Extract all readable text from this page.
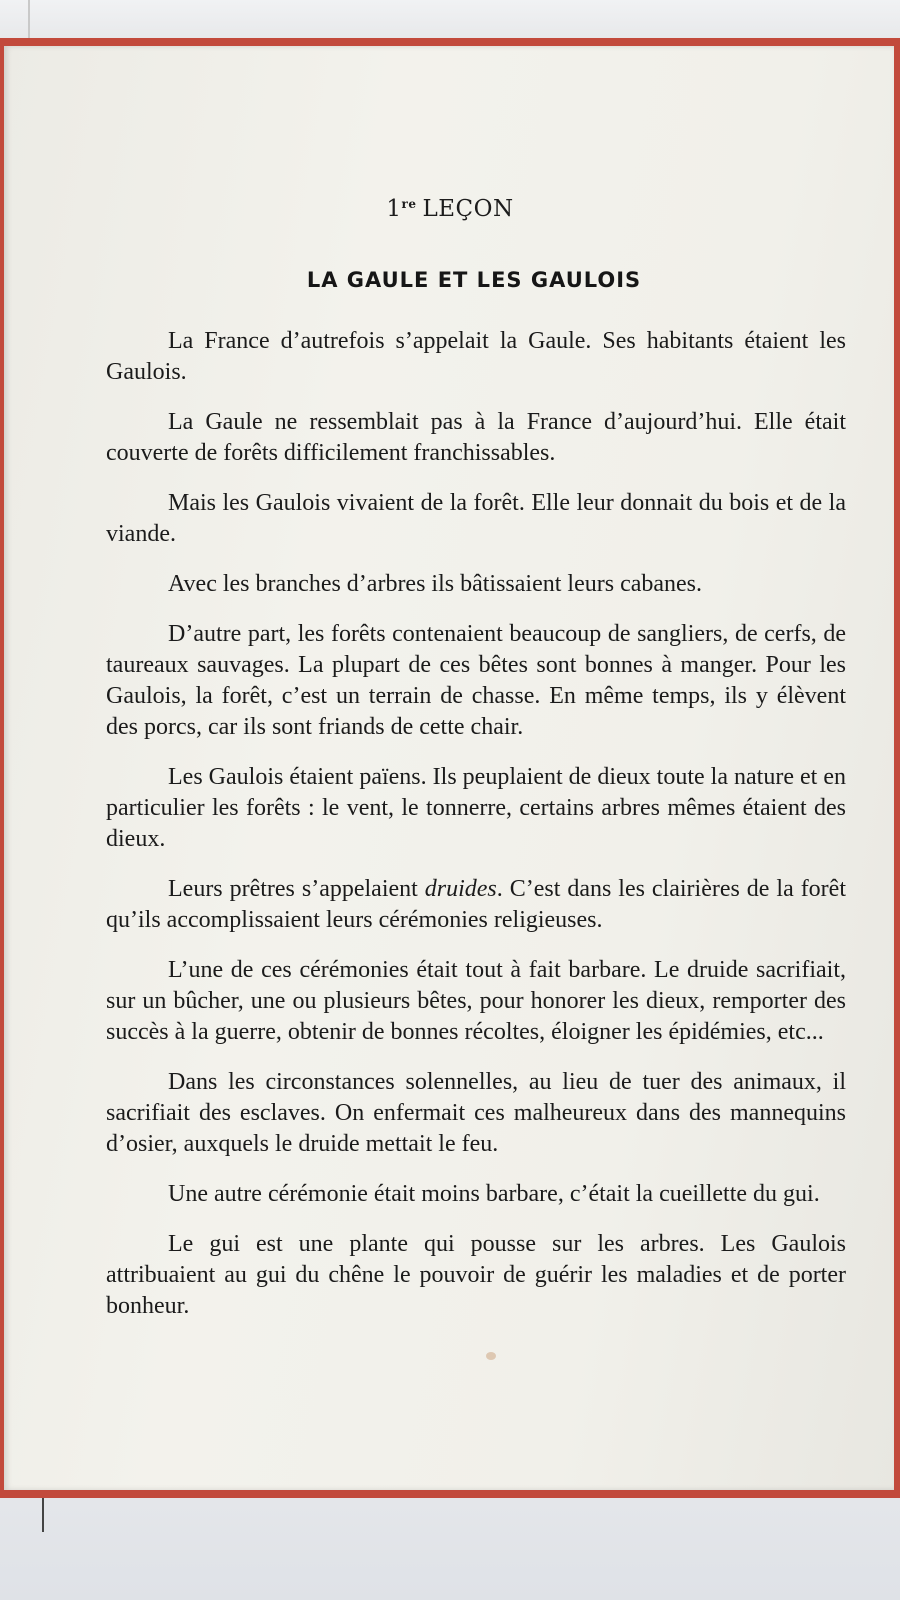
1re LEÇON
LA GAULE ET LES GAULOIS

La France d’autrefois s’appelait la Gaule. Ses habitants étaient les Gaulois.

La Gaule ne ressemblait pas à la France d’aujourd’hui. Elle était couverte de forêts difficilement franchissables.

Mais les Gaulois vivaient de la forêt. Elle leur donnait du bois et de la viande.

Avec les branches d’arbres ils bâtissaient leurs cabanes.

D’autre part, les forêts contenaient beaucoup de sangliers, de cerfs, de taureaux sauvages. La plupart de ces bêtes sont bonnes à manger. Pour les Gaulois, la forêt, c’est un terrain de chasse. En même temps, ils y élèvent des porcs, car ils sont friands de cette chair.

Les Gaulois étaient païens. Ils peuplaient de dieux toute la nature et en particulier les forêts : le vent, le tonnerre, certains arbres mêmes étaient des dieux.

Leurs prêtres s’appelaient druides. C’est dans les clairières de la forêt qu’ils accomplissaient leurs cérémonies religieuses.

L’une de ces cérémonies était tout à fait barbare. Le druide sacrifiait, sur un bûcher, une ou plusieurs bêtes, pour honorer les dieux, remporter des succès à la guerre, obtenir de bonnes récoltes, éloigner les épidémies, etc...

Dans les circonstances solennelles, au lieu de tuer des animaux, il sacrifiait des esclaves. On enfermait ces malheureux dans des mannequins d’osier, auxquels le druide mettait le feu.

Une autre cérémonie était moins barbare, c’était la cueillette du gui.

Le gui est une plante qui pousse sur les arbres. Les Gaulois attribuaient au gui du chêne le pouvoir de guérir les maladies et de porter bonheur.
